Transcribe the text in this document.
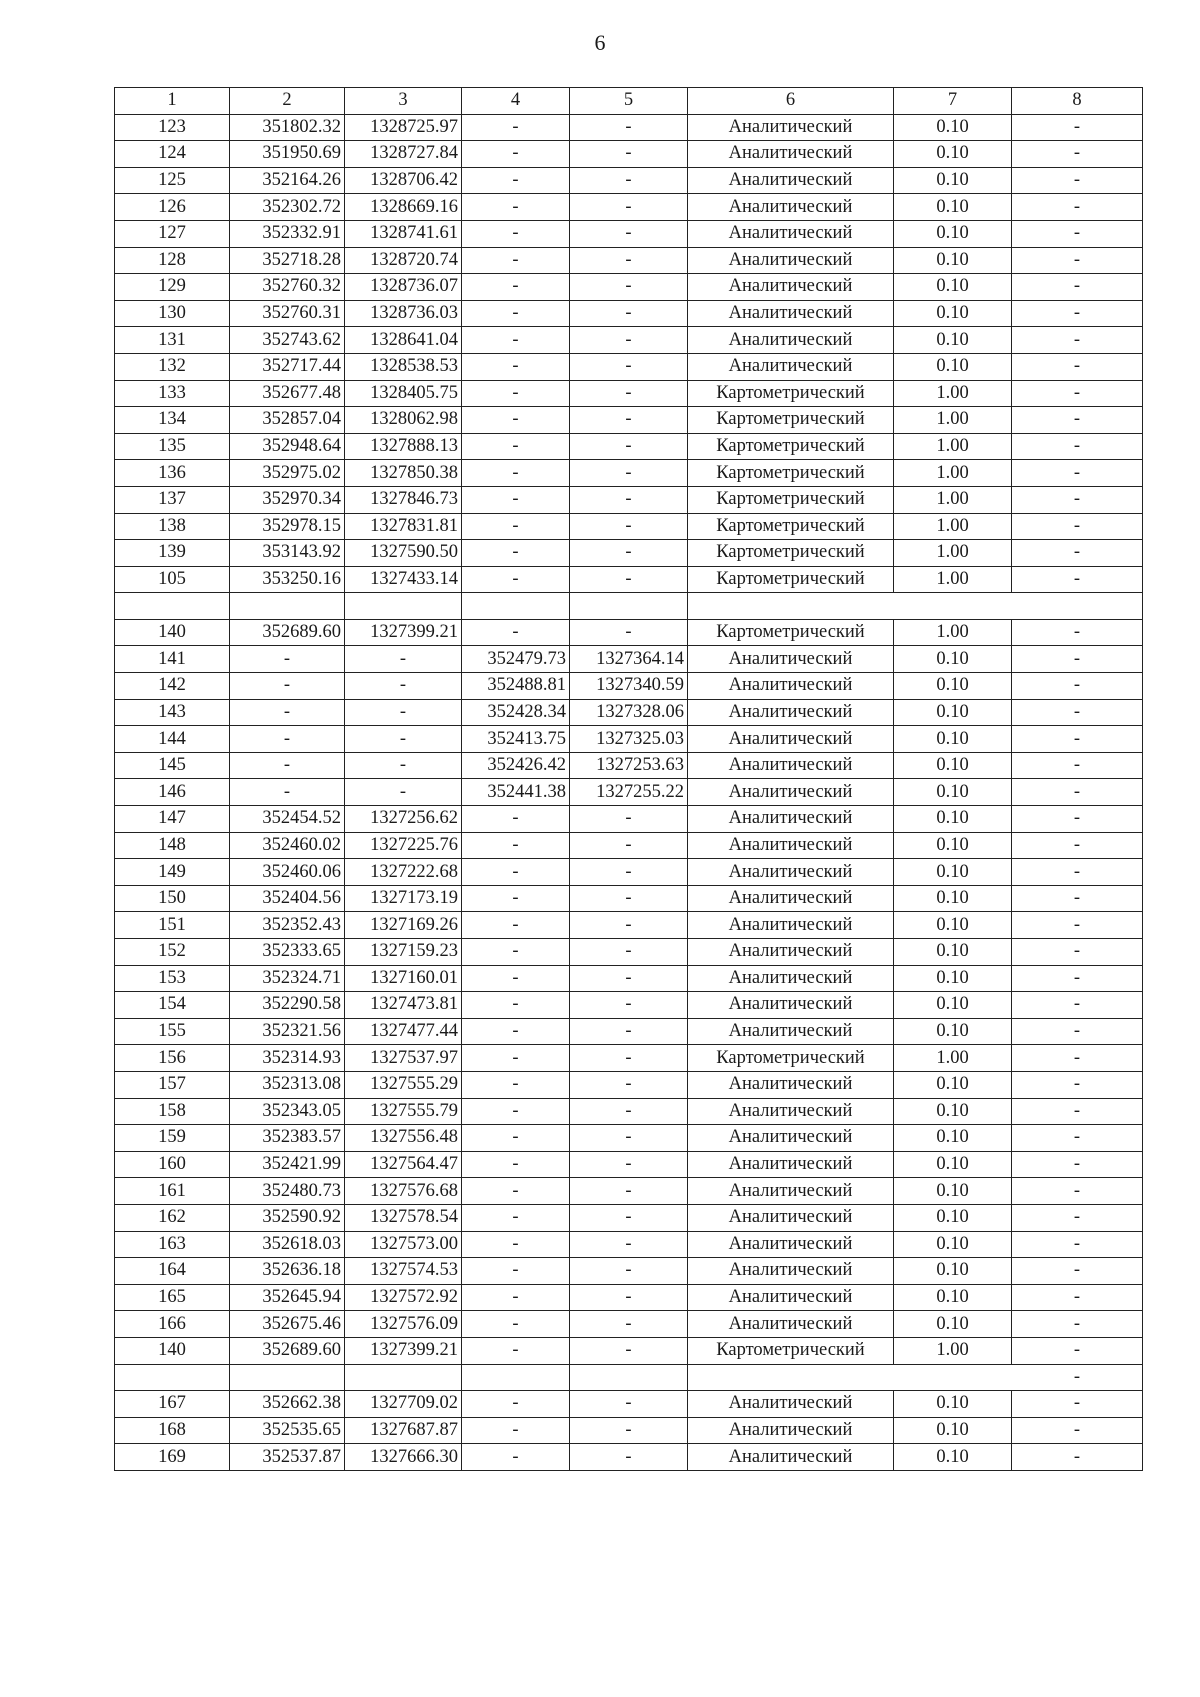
6
1	2	3	4	5	6	7	8
123	351802.32	1328725.97	-	-	Аналитический	0.10	-
124	351950.69	1328727.84	-	-	Аналитический	0.10	-
125	352164.26	1328706.42	-	-	Аналитический	0.10	-
126	352302.72	1328669.16	-	-	Аналитический	0.10	-
127	352332.91	1328741.61	-	-	Аналитический	0.10	-
128	352718.28	1328720.74	-	-	Аналитический	0.10	-
129	352760.32	1328736.07	-	-	Аналитический	0.10	-
130	352760.31	1328736.03	-	-	Аналитический	0.10	-
131	352743.62	1328641.04	-	-	Аналитический	0.10	-
132	352717.44	1328538.53	-	-	Аналитический	0.10	-
133	352677.48	1328405.75	-	-	Картометрический	1.00	-
134	352857.04	1328062.98	-	-	Картометрический	1.00	-
135	352948.64	1327888.13	-	-	Картометрический	1.00	-
136	352975.02	1327850.38	-	-	Картометрический	1.00	-
137	352970.34	1327846.73	-	-	Картометрический	1.00	-
138	352978.15	1327831.81	-	-	Картометрический	1.00	-
139	353143.92	1327590.50	-	-	Картометрический	1.00	-
105	353250.16	1327433.14	-	-	Картометрический	1.00	-

140	352689.60	1327399.21	-	-	Картометрический	1.00	-
141	-	-	352479.73	1327364.14	Аналитический	0.10	-
142	-	-	352488.81	1327340.59	Аналитический	0.10	-
143	-	-	352428.34	1327328.06	Аналитический	0.10	-
144	-	-	352413.75	1327325.03	Аналитический	0.10	-
145	-	-	352426.42	1327253.63	Аналитический	0.10	-
146	-	-	352441.38	1327255.22	Аналитический	0.10	-
147	352454.52	1327256.62	-	-	Аналитический	0.10	-
148	352460.02	1327225.76	-	-	Аналитический	0.10	-
149	352460.06	1327222.68	-	-	Аналитический	0.10	-
150	352404.56	1327173.19	-	-	Аналитический	0.10	-
151	352352.43	1327169.26	-	-	Аналитический	0.10	-
152	352333.65	1327159.23	-	-	Аналитический	0.10	-
153	352324.71	1327160.01	-	-	Аналитический	0.10	-
154	352290.58	1327473.81	-	-	Аналитический	0.10	-
155	352321.56	1327477.44	-	-	Аналитический	0.10	-
156	352314.93	1327537.97	-	-	Картометрический	1.00	-
157	352313.08	1327555.29	-	-	Аналитический	0.10	-
158	352343.05	1327555.79	-	-	Аналитический	0.10	-
159	352383.57	1327556.48	-	-	Аналитический	0.10	-
160	352421.99	1327564.47	-	-	Аналитический	0.10	-
161	352480.73	1327576.68	-	-	Аналитический	0.10	-
162	352590.92	1327578.54	-	-	Аналитический	0.10	-
163	352618.03	1327573.00	-	-	Аналитический	0.10	-
164	352636.18	1327574.53	-	-	Аналитический	0.10	-
165	352645.94	1327572.92	-	-	Аналитический	0.10	-
166	352675.46	1327576.09	-	-	Аналитический	0.10	-
140	352689.60	1327399.21	-	-	Картометрический	1.00	-
							-
167	352662.38	1327709.02	-	-	Аналитический	0.10	-
168	352535.65	1327687.87	-	-	Аналитический	0.10	-
169	352537.87	1327666.30	-	-	Аналитический	0.10	-
